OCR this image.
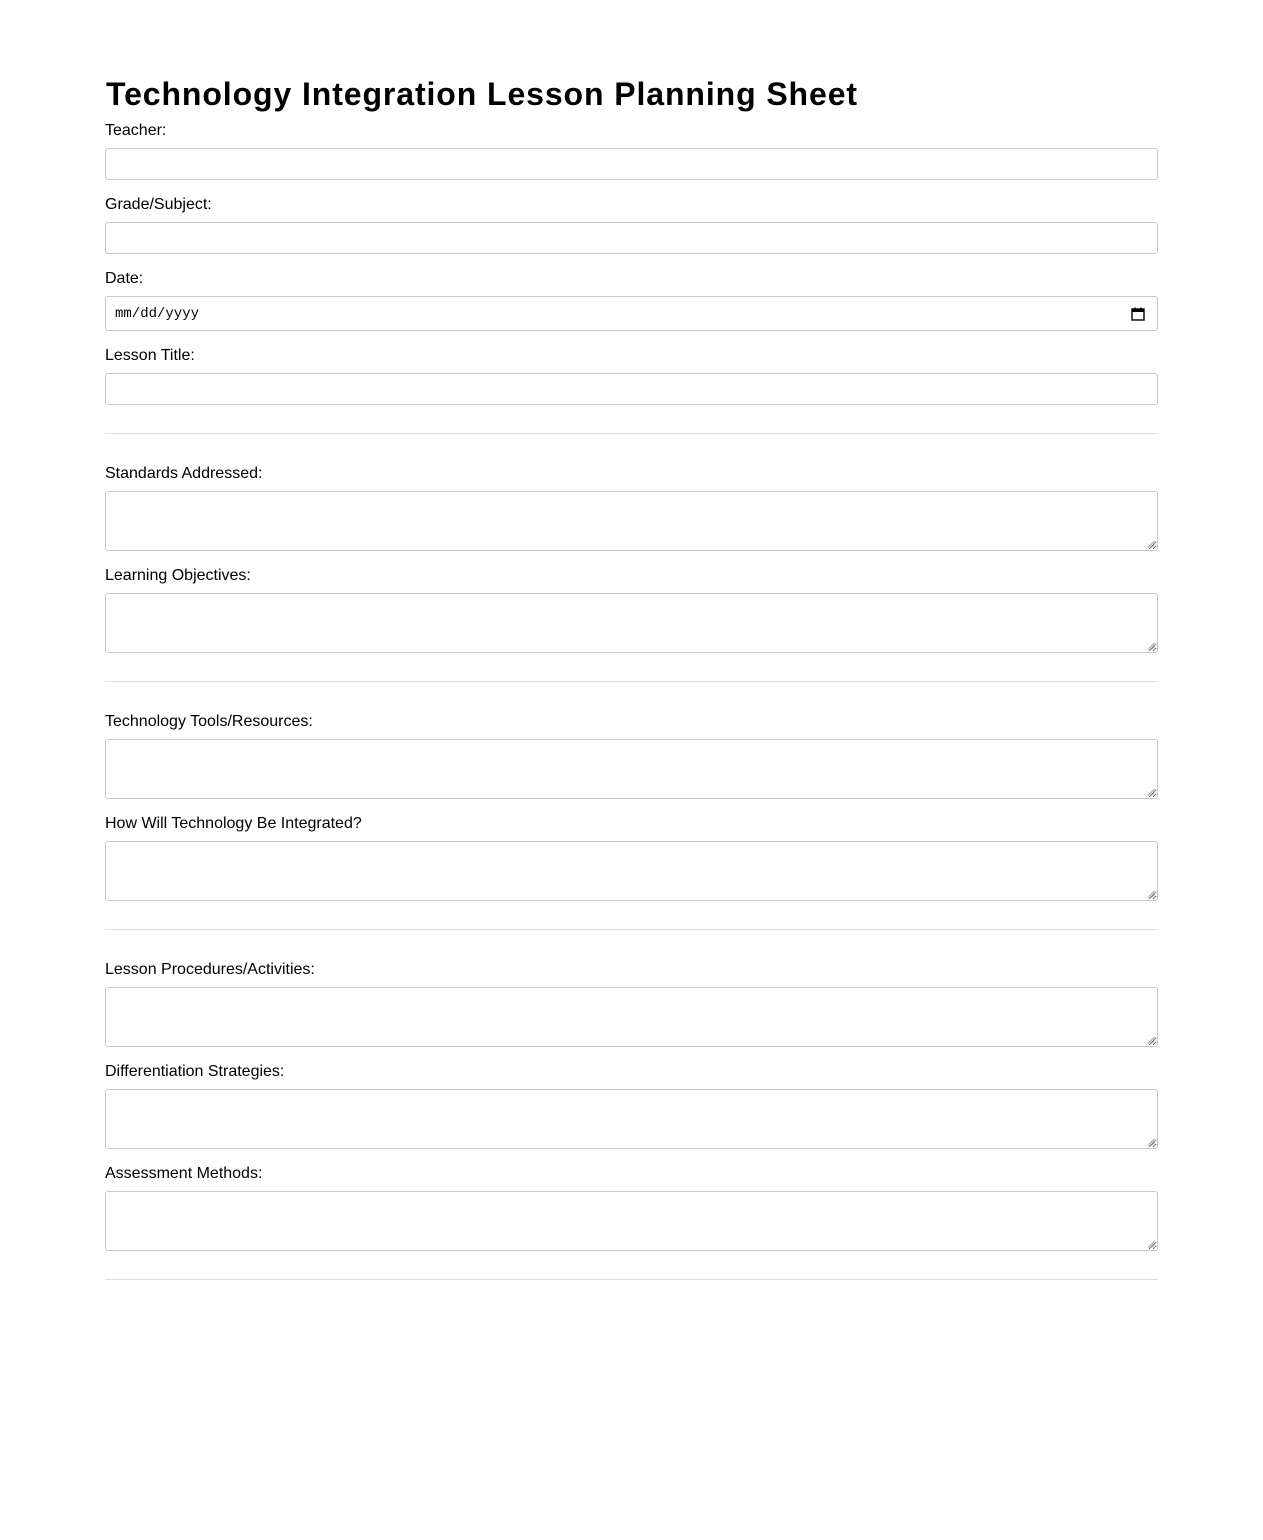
Technology Integration Lesson Planning Sheet
Teacher:
Grade/Subject:
Date:
mm/dd/yyyy
Lesson Title:
Standards Addressed:
Learning Objectives:
Technology Tools/Resources:
How Will Technology Be Integrated?
Lesson Procedures/Activities:
Differentiation Strategies:
Assessment Methods:
